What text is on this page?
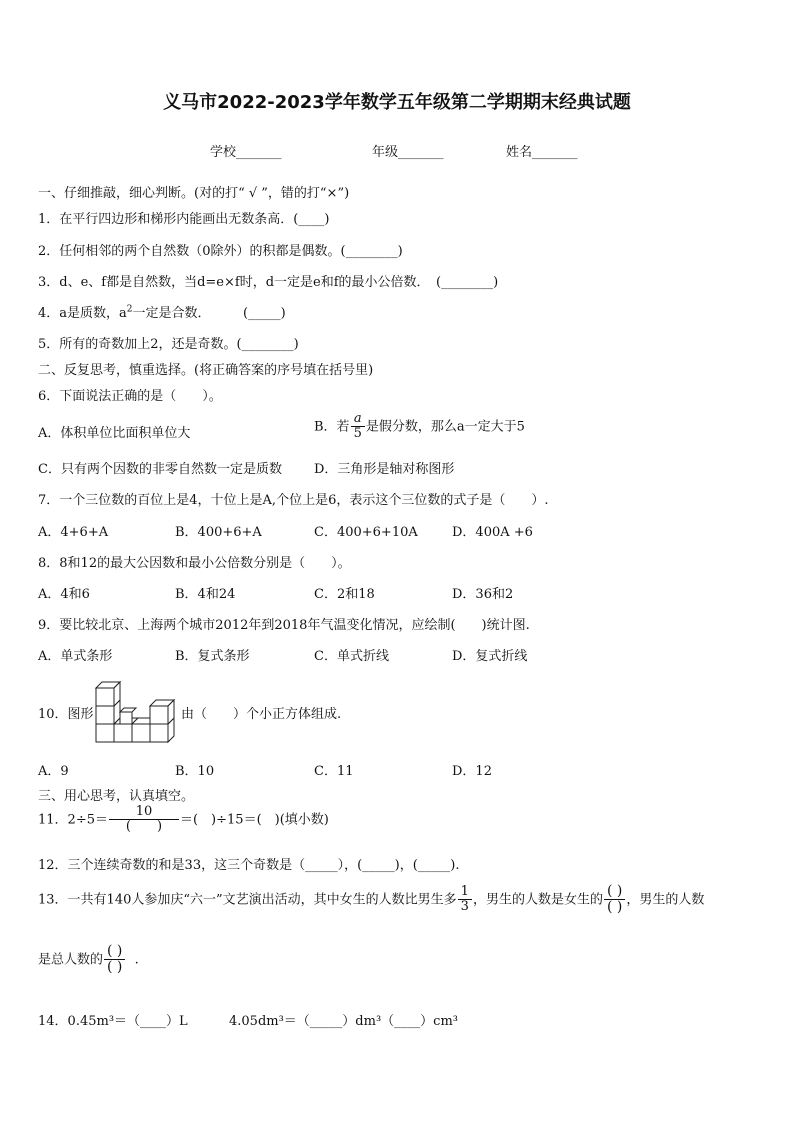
义马市2022-2023学年数学五年级第二学期期末经典试题
学校_______	年级_______	姓名_______
一、仔细推敲，细心判断。(对的打“ √ ”，错的打“×”)
1．在平行四边形和梯形内能画出无数条高．(____)
2．任何相邻的两个自然数（0除外）的积都是偶数。(________)
3．d、e、f都是自然数，当d=e×f时，d一定是e和f的最小公倍数．　(________)
4．a是质数，$a^2$一定是合数．　　　(_____)
5．所有的奇数加上2，还是奇数。(________)
二、反复思考，慎重选择。(将正确答案的序号填在括号里)
6．下面说法正确的是（　　）。
A．体积单位比面积单位大	B．若 $\frac{a}{5}$ 是假分数，那么a一定大于5
C．只有两个因数的非零自然数一定是质数 D．三角形是轴对称图形
7．一个三位数的百位上是4，十位上是A,个位上是6，表示这个三位数的式子是（　　）.
A．4+6+A	B．400+6+A	C．400+6+10A	D．400A +6
8．8和12的最大公因数和最小公倍数分别是（　　）。
A．4和6	B．4和24	C．2和18	D．36和2
9．要比较北京、上海两个城市2012年到2018年气温变化情况，应绘制(　　)统计图.
A．单式条形	B．复式条形	C．单式折线	D．复式折线
10．图形	由（　　）个小正方体组成.
A．9	B．10	C．11	D．12
三、用心思考，认真填空。
11．$2\div 5= \frac{10}{( )}$ ＝(　)÷15＝(　)(填小数)
12．三个连续奇数的和是33，这三个奇数是（_____），(_____)，(_____).
13．一共有140人参加庆“六一”文艺演出活动，其中女生的人数比男生多 $\frac{1}{3}$ ，男生的人数是女生的 $\frac{( )}{( )}$ ，男生的人数
是总人数的 $\frac{( )}{( )}$ .
14．0.45m³＝（____）L	4.05dm³＝（_____）dm³（____）cm³
